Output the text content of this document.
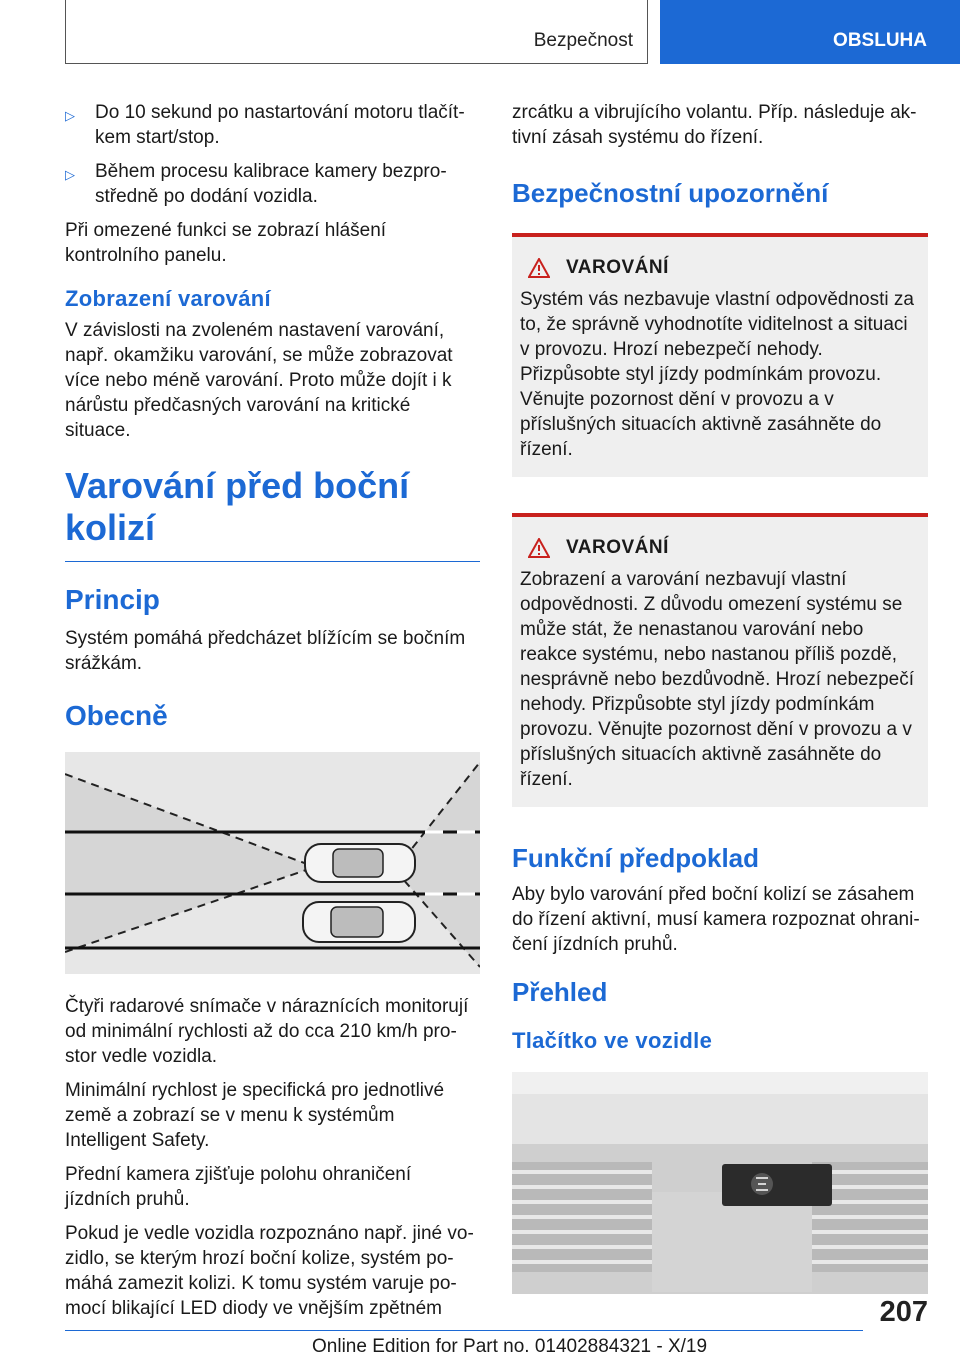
Bezpečnost	OBSLUHA
▷ Do 10 sekund po nastartování motoru tlačítkem start/stop.
▷ Během procesu kalibrace kamery bezprostředně po dodání vozidla.

Při omezené funkci se zobrazí hlášení kontrolního panelu.

Zobrazení varování

V závislosti na zvoleném nastavení varování, např. okamžiku varování, se může zobrazovat více nebo méně varování. Proto může dojít i k nárůstu předčasných varování na kritické situace.

Varování před boční kolizí
Princip

Systém pomáhá předcházet blížícím se bočním srážkám.

Obecně

Čtyři radarové snímače v náraznících monitorují od minimální rychlosti až do cca 210 km/h prostor vedle vozidla.

Minimální rychlost je specifická pro jednotlivé země a zobrazí se v menu k systémům Intelligent Safety.

Přední kamera zjišťuje polohu ohraničení jízdních pruhů.

Pokud je vedle vozidla rozpoznáno např. jiné vozidlo, se kterým hrozí boční kolize, systém pomáhá zamezit kolizi. K tomu systém varuje pomocí blikající LED diody ve vnějším zpětném

zrcátku a vibrujícího volantu. Příp. následuje aktivní zásah systému do řízení.

Bezpečnostní upozornění
VAROVÁNÍ

Systém vás nezbavuje vlastní odpovědnosti za to, že správně vyhodnotíte viditelnost a situaci v provozu. Hrozí nebezpečí nehody. Přizpůsobte styl jízdy podmínkám provozu. Věnujte pozornost dění v provozu a v příslušných situacích aktivně zasáhněte do řízení.

VAROVÁNÍ

Zobrazení a varování nezbavují vlastní odpovědnosti. Z důvodu omezení systému se může stát, že nenastanou varování nebo reakce systému, nebo nastanou příliš pozdě, nesprávně nebo bezdůvodně. Hrozí nebezpečí nehody. Přizpůsobte styl jízdy podmínkám provozu. Věnujte pozornost dění v provozu a v příslušných situacích aktivně zasáhněte do řízení.

Funkční předpoklad

Aby bylo varování před boční kolizí se zásahem do řízení aktivní, musí kamera rozpoznat ohraničení jízdních pruhů.

Přehled
Tlačítko ve vozidle
207
Online Edition for Part no. 01402884321 - X/19
